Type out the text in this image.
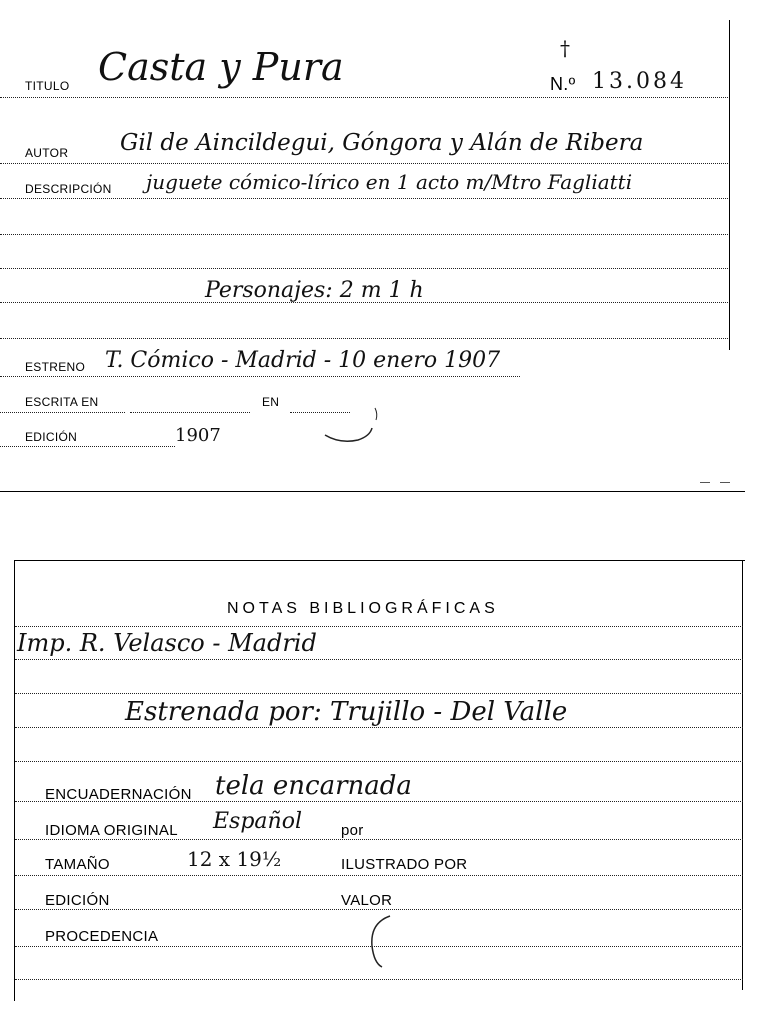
TITULO Casta y Pura	†
N.º 13.084
AUTOR Gil de Aincildegui, Góngora y Alán de Ribera
DESCRIPCIÓN juguete cómico-lírico en 1 acto m/Mtro Fagliatti
Personajes: 2 m 1 h
ESTRENO T. Cómico - Madrid - 10 enero 1907
ESCRITA EN	EN
EDICIÓN	1907
NOTAS BIBLIOGRÁFICAS
Imp. R. Velasco - Madrid
Estrenada por: Trujillo - Del Valle
ENCUADERNACIÓN tela encarnada
IDIOMA ORIGINAL Español	por
TAMAÑO	12 x 19½	ILUSTRADO POR
EDICIÓN	VALOR
PROCEDENCIA
